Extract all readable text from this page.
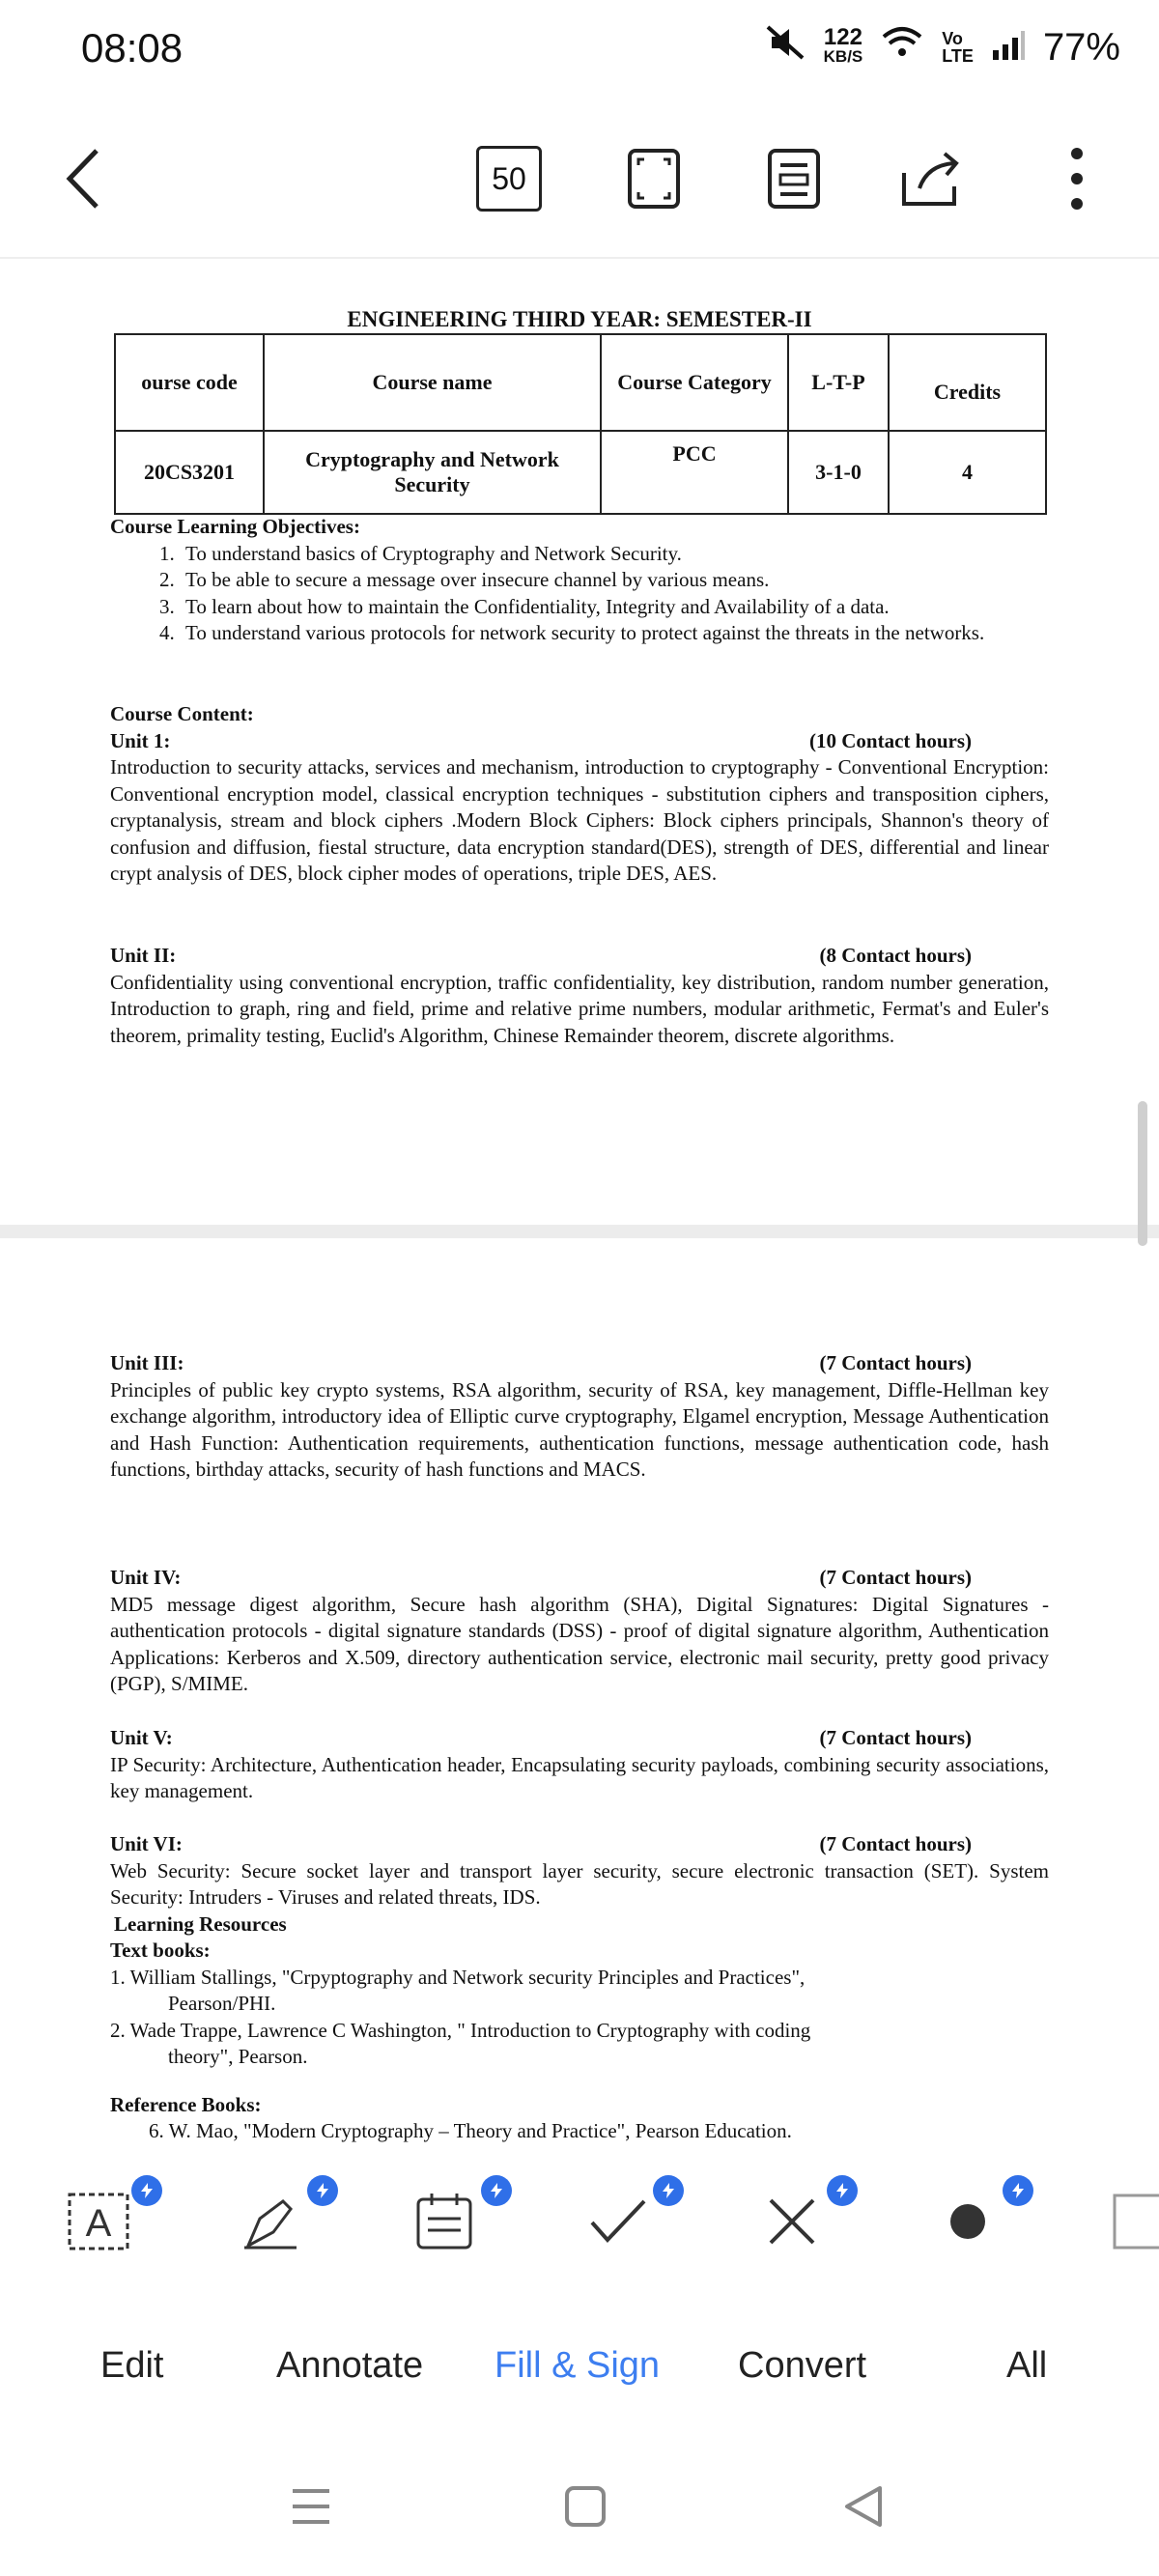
08:08	122
KB/S
Vo
LTE 77%
50
ENGINEERING THIRD YEAR: SEMESTER-II
ourse code	Course name	Course Category	L-T-P	Credits
20CS3201	Cryptography and Network Security	PCC	3-1-0	4
Course Learning Objectives:
1. To understand basics of Cryptography and Network Security.
2. To be able to secure a message over insecure channel by various means.
3. To learn about how to maintain the Confidentiality, Integrity and Availability of a data.
4. To understand various protocols for network security to protect against the threats in the networks.
Course Content:
Unit 1:	(10 Contact hours)
Introduction to security attacks, services and mechanism, introduction to cryptography - Conventional Encryption: Conventional encryption model, classical encryption techniques - substitution ciphers and transposition ciphers, cryptanalysis, stream and block ciphers .Modern Block Ciphers: Block ciphers principals, Shannon's theory of confusion and diffusion, fiestal structure, data encryption standard(DES), strength of DES, differential and linear crypt analysis of DES, block cipher modes of operations, triple DES, AES.
Unit II:	(8 Contact hours)
Confidentiality using conventional encryption, traffic confidentiality, key distribution, random number generation, Introduction to graph, ring and field, prime and relative prime numbers, modular arithmetic, Fermat's and Euler's theorem, primality testing, Euclid's Algorithm, Chinese Remainder theorem, discrete algorithms.
Unit III:	(7 Contact hours)
Principles of public key crypto systems, RSA algorithm, security of RSA, key management, Diffle-Hellman key exchange algorithm, introductory idea of Elliptic curve cryptography, Elgamel encryption, Message Authentication and Hash Function: Authentication requirements, authentication functions, message authentication code, hash functions, birthday attacks, security of hash functions and MACS.
Unit IV:	(7 Contact hours)
MD5 message digest algorithm, Secure hash algorithm (SHA), Digital Signatures: Digital Signatures - authentication protocols - digital signature standards (DSS) - proof of digital signature algorithm, Authentication Applications: Kerberos and X.509, directory authentication service, electronic mail security, pretty good privacy (PGP), S/MIME.
Unit V:	(7 Contact hours)
IP Security: Architecture, Authentication header, Encapsulating security payloads, combining security associations, key management.
Unit VI:	(7 Contact hours)
Web Security: Secure socket layer and transport layer security, secure electronic transaction (SET). System Security: Intruders - Viruses and related threats, IDS.
Learning Resources
Text books:
1. William Stallings, "Crpyptography and Network security Principles and Practices",
Pearson/PHI.
2. Wade Trappe, Lawrence C Washington, " Introduction to Cryptography with coding
theory", Pearson.
Reference Books:
6. W. Mao, "Modern Cryptography – Theory and Practice", Pearson Education.
A
Edit	Annotate Fill & Sign Convert	All
